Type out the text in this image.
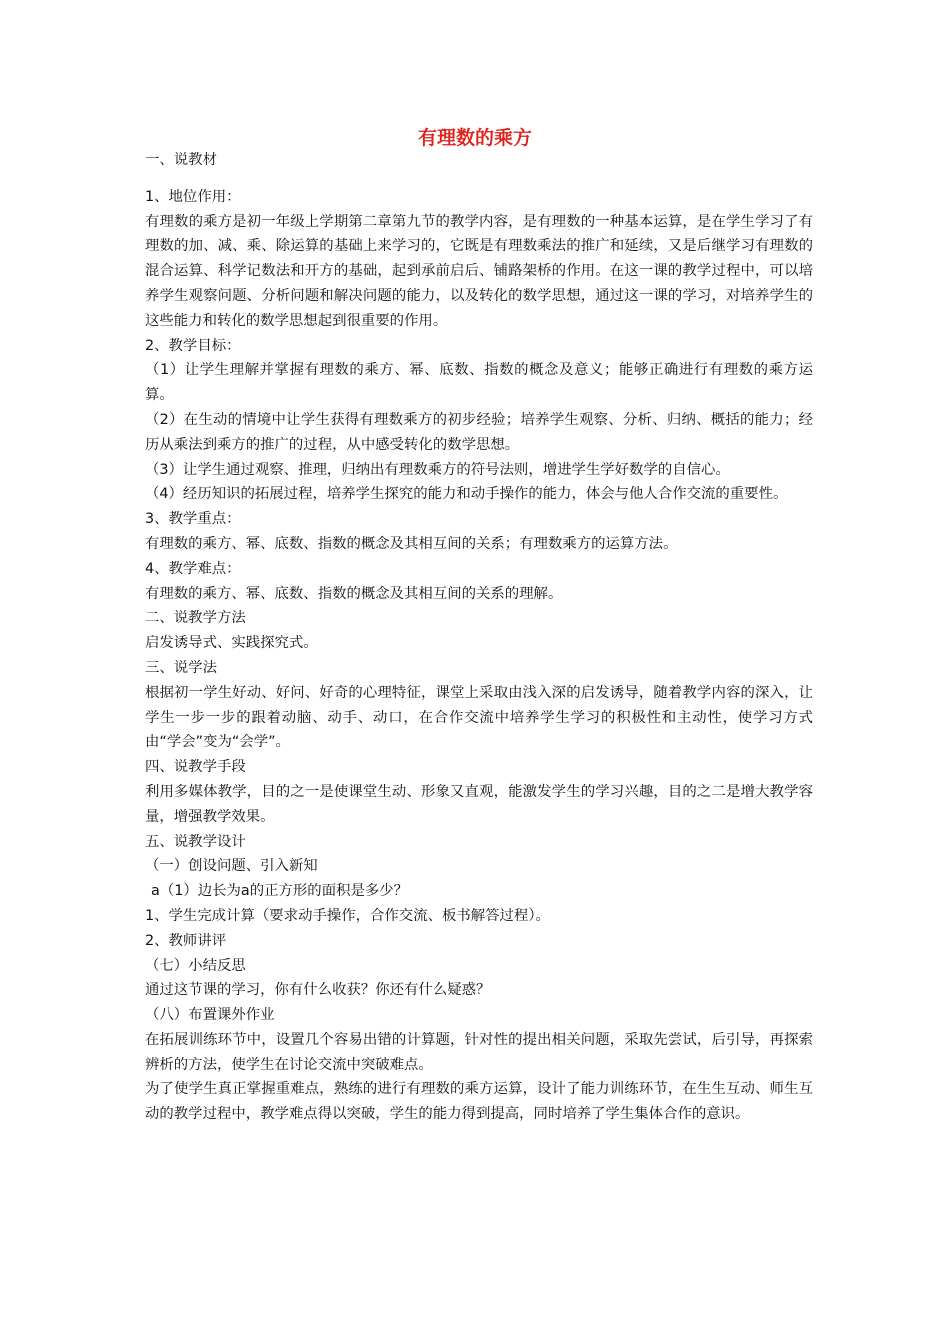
有理数的乘方
一、说教材
1、地位作用：
有理数的乘方是初一年级上学期第二章第九节的教学内容，是有理数的一种基本运算，是在学生学习了有理数的加、减、乘、除运算的基础上来学习的，它既是有理数乘法的推广和延续，又是后继学习有理数的混合运算、科学记数法和开方的基础，起到承前启后、铺路架桥的作用。在这一课的教学过程中，可以培养学生观察问题、分析问题和解决问题的能力，以及转化的数学思想，通过这一课的学习，对培养学生的这些能力和转化的数学思想起到很重要的作用。
2、教学目标：
（1）让学生理解并掌握有理数的乘方、幂、底数、指数的概念及意义；能够正确进行有理数的乘方运算。
（2）在生动的情境中让学生获得有理数乘方的初步经验；培养学生观察、分析、归纳、概括的能力；经历从乘法到乘方的推广的过程，从中感受转化的数学思想。
（3）让学生通过观察、推理，归纳出有理数乘方的符号法则，增进学生学好数学的自信心。
（4）经历知识的拓展过程，培养学生探究的能力和动手操作的能力，体会与他人合作交流的重要性。
3、教学重点：
有理数的乘方、幂、底数、指数的概念及其相互间的关系；有理数乘方的运算方法。
4、教学难点：
有理数的乘方、幂、底数、指数的概念及其相互间的关系的理解。
二、说教学方法
启发诱导式、实践探究式。
三、说学法
根据初一学生好动、好问、好奇的心理特征，课堂上采取由浅入深的启发诱导，随着教学内容的深入，让学生一步一步的跟着动脑、动手、动口，在合作交流中培养学生学习的积极性和主动性，使学习方式由“学会”变为“会学”。
四、说教学手段
利用多媒体教学，目的之一是使课堂生动、形象又直观，能激发学生的学习兴趣，目的之二是增大教学容量，增强教学效果。
五、说教学设计
（一）创设问题、引入新知
a（1）边长为a的正方形的面积是多少？
1、学生完成计算（要求动手操作，合作交流、板书解答过程）。
2、教师讲评
（七）小结反思
通过这节课的学习，你有什么收获？你还有什么疑惑？
（八）布置课外作业
在拓展训练环节中，设置几个容易出错的计算题，针对性的提出相关问题，采取先尝试，后引导，再探索辨析的方法，使学生在讨论交流中突破难点。
为了使学生真正掌握重难点，熟练的进行有理数的乘方运算，设计了能力训练环节，在生生互动、师生互动的教学过程中，教学难点得以突破，学生的能力得到提高，同时培养了学生集体合作的意识。
